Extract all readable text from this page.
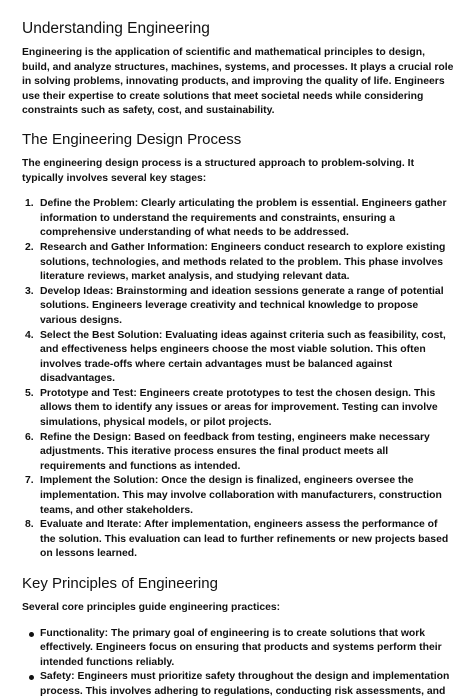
Understanding Engineering

Engineering is the application of scientific and mathematical principles to design, build, and analyze structures, machines, systems, and processes. It plays a crucial role in solving problems, innovating products, and improving the quality of life. Engineers use their expertise to create solutions that meet societal needs while considering constraints such as safety, cost, and sustainability.

The Engineering Design Process

The engineering design process is a structured approach to problem-solving. It typically involves several key stages:

1. Define the Problem: Clearly articulating the problem is essential. Engineers gather information to understand the requirements and constraints, ensuring a comprehensive understanding of what needs to be addressed.
2. Research and Gather Information: Engineers conduct research to explore existing solutions, technologies, and methods related to the problem. This phase involves literature reviews, market analysis, and studying relevant data.
3. Develop Ideas: Brainstorming and ideation sessions generate a range of potential solutions. Engineers leverage creativity and technical knowledge to propose various designs.
4. Select the Best Solution: Evaluating ideas against criteria such as feasibility, cost, and effectiveness helps engineers choose the most viable solution. This often involves trade-offs where certain advantages must be balanced against disadvantages.
5. Prototype and Test: Engineers create prototypes to test the chosen design. This allows them to identify any issues or areas for improvement. Testing can involve simulations, physical models, or pilot projects.
6. Refine the Design: Based on feedback from testing, engineers make necessary adjustments. This iterative process ensures the final product meets all requirements and functions as intended.
7. Implement the Solution: Once the design is finalized, engineers oversee the implementation. This may involve collaboration with manufacturers, construction teams, and other stakeholders.
8. Evaluate and Iterate: After implementation, engineers assess the performance of the solution. This evaluation can lead to further refinements or new projects based on lessons learned.
Key Principles of Engineering

Several core principles guide engineering practices:

Functionality: The primary goal of engineering is to create solutions that work effectively. Engineers focus on ensuring that products and systems perform their intended functions reliably.
Safety: Engineers must prioritize safety throughout the design and implementation process. This involves adhering to regulations, conducting risk assessments, and
